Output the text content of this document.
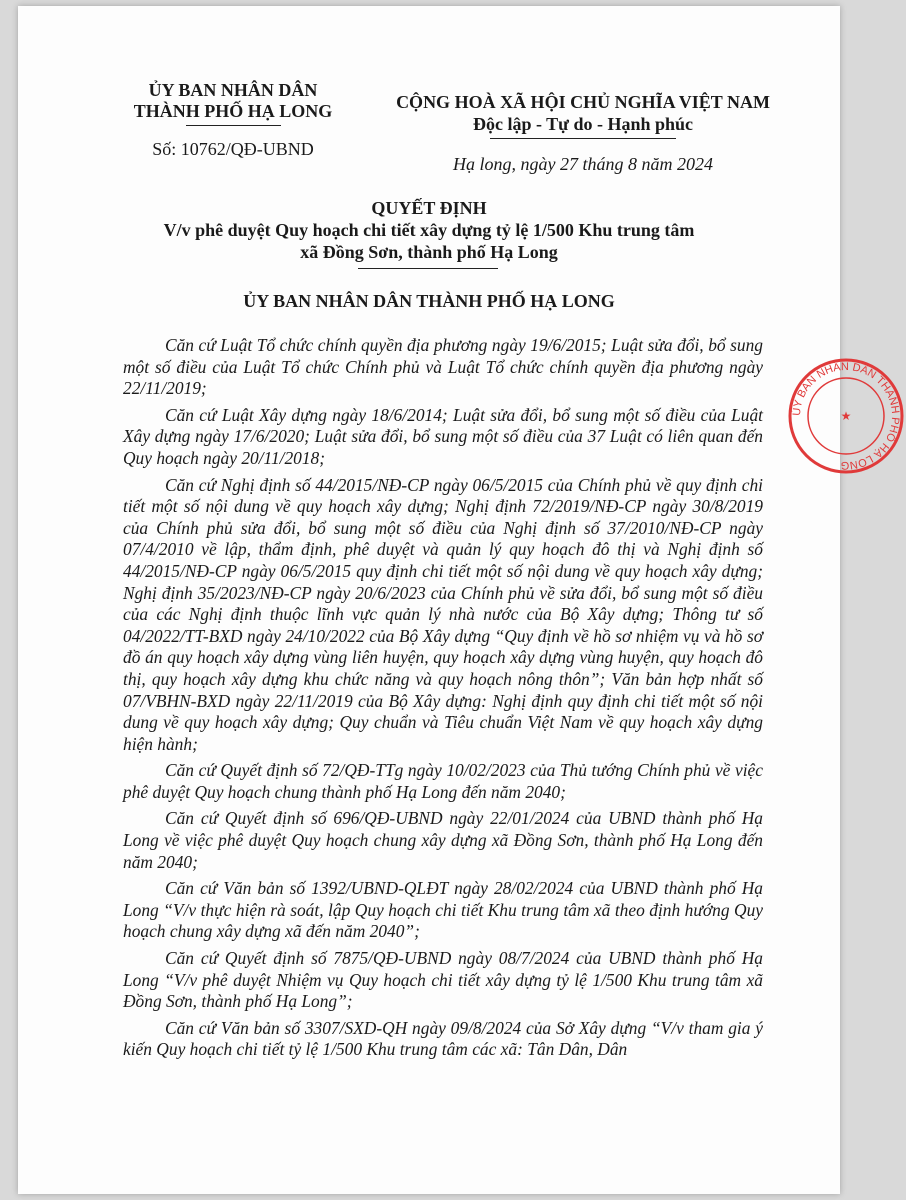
ỦY BAN NHÂN DÂN
THÀNH PHỐ HẠ LONG
Số: 10762/QĐ-UBND
CỘNG HOÀ XÃ HỘI CHỦ NGHĨA VIỆT NAM
Độc lập - Tự do - Hạnh phúc
Hạ long, ngày 27 tháng 8 năm 2024
QUYẾT ĐỊNH
V/v phê duyệt Quy hoạch chi tiết xây dựng tỷ lệ 1/500 Khu trung tâm
xã Đồng Sơn, thành phố Hạ Long
ỦY BAN NHÂN DÂN THÀNH PHỐ HẠ LONG

Căn cứ Luật Tổ chức chính quyền địa phương ngày 19/6/2015; Luật sửa đổi, bổ sung một số điều của Luật Tổ chức Chính phủ và Luật Tổ chức chính quyền địa phương ngày 22/11/2019;

Căn cứ Luật Xây dựng ngày 18/6/2014; Luật sửa đổi, bổ sung một số điều của Luật Xây dựng ngày 17/6/2020; Luật sửa đổi, bổ sung một số điều của 37 Luật có liên quan đến Quy hoạch ngày 20/11/2018;

Căn cứ Nghị định số 44/2015/NĐ-CP ngày 06/5/2015 của Chính phủ về quy định chi tiết một số nội dung về quy hoạch xây dựng; Nghị định 72/2019/NĐ-CP ngày 30/8/2019 của Chính phủ sửa đổi, bổ sung một số điều của Nghị định số 37/2010/NĐ-CP ngày 07/4/2010 về lập, thẩm định, phê duyệt và quản lý quy hoạch đô thị và Nghị định số 44/2015/NĐ-CP ngày 06/5/2015 quy định chi tiết một số nội dung về quy hoạch xây dựng; Nghị định 35/2023/NĐ-CP ngày 20/6/2023 của Chính phủ về sửa đổi, bổ sung một số điều của các Nghị định thuộc lĩnh vực quản lý nhà nước của Bộ Xây dựng; Thông tư số 04/2022/TT-BXD ngày 24/10/2022 của Bộ Xây dựng “Quy định về hồ sơ nhiệm vụ và hồ sơ đồ án quy hoạch xây dựng vùng liên huyện, quy hoạch xây dựng vùng huyện, quy hoạch đô thị, quy hoạch xây dựng khu chức năng và quy hoạch nông thôn”; Văn bản hợp nhất số 07/VBHN-BXD ngày 22/11/2019 của Bộ Xây dựng: Nghị định quy định chi tiết một số nội dung về quy hoạch xây dựng; Quy chuẩn và Tiêu chuẩn Việt Nam về quy hoạch xây dựng hiện hành;

Căn cứ Quyết định số 72/QĐ-TTg ngày 10/02/2023 của Thủ tướng Chính phủ về việc phê duyệt Quy hoạch chung thành phố Hạ Long đến năm 2040;

Căn cứ Quyết định số 696/QĐ-UBND ngày 22/01/2024 của UBND thành phố Hạ Long về việc phê duyệt Quy hoạch chung xây dựng xã Đồng Sơn, thành phố Hạ Long đến năm 2040;

Căn cứ Văn bản số 1392/UBND-QLĐT ngày 28/02/2024 của UBND thành phố Hạ Long “V/v thực hiện rà soát, lập Quy hoạch chi tiết Khu trung tâm xã theo định hướng Quy hoạch chung xây dựng xã đến năm 2040”;

Căn cứ Quyết định số 7875/QĐ-UBND ngày 08/7/2024 của UBND thành phố Hạ Long “V/v phê duyệt Nhiệm vụ Quy hoạch chi tiết xây dựng tỷ lệ 1/500 Khu trung tâm xã Đồng Sơn, thành phố Hạ Long”;

Căn cứ Văn bản số 3307/SXD-QH ngày 09/8/2024 của Sở Xây dựng “V/v tham gia ý kiến Quy hoạch chi tiết tỷ lệ 1/500 Khu trung tâm các xã: Tân Dân, Dân

ỦY BAN NHÂN DÂN THÀNH PHỐ HẠ LONG
★
